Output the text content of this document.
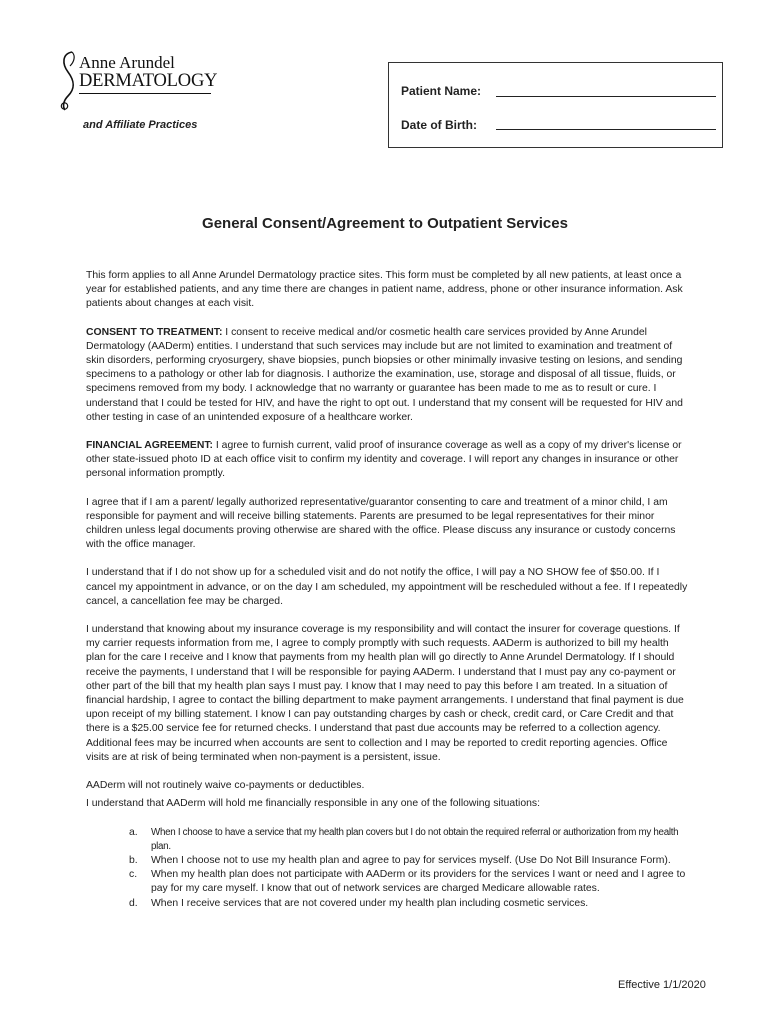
Anne Arundel
DERMATOLOGY
and Affiliate Practices
Patient Name:
Date of Birth:
General Consent/Agreement to Outpatient Services

This form applies to all Anne Arundel Dermatology practice sites. This form must be completed by all new patients, at least once a year for established patients, and any time there are changes in patient name, address, phone or other insurance information. Ask patients about changes at each visit.

CONSENT TO TREATMENT: I consent to receive medical and/or cosmetic health care services provided by Anne Arundel Dermatology (AADerm) entities. I understand that such services may include but are not limited to examination and treatment of skin disorders, performing cryosurgery, shave biopsies, punch biopsies or other minimally invasive testing on lesions, and sending specimens to a pathology or other lab for diagnosis. I authorize the examination, use, storage and disposal of all tissue, fluids, or specimens removed from my body. I acknowledge that no warranty or guarantee has been made to me as to result or cure. I understand that I could be tested for HIV, and have the right to opt out. I understand that my consent will be requested for HIV and other testing in case of an unintended exposure of a healthcare worker.

FINANCIAL AGREEMENT: I agree to furnish current, valid proof of insurance coverage as well as a copy of my driver's license or other state-issued photo ID at each office visit to confirm my identity and coverage. I will report any changes in insurance or other personal information promptly.

I agree that if I am a parent/ legally authorized representative/guarantor consenting to care and treatment of a minor child, I am responsible for payment and will receive billing statements. Parents are presumed to be legal representatives for their minor children unless legal documents proving otherwise are shared with the office. Please discuss any insurance or custody concerns with the office manager.

I understand that if I do not show up for a scheduled visit and do not notify the office, I will pay a NO SHOW fee of $50.00. If I cancel my appointment in advance, or on the day I am scheduled, my appointment will be rescheduled without a fee. If I repeatedly cancel, a cancellation fee may be charged.

I understand that knowing about my insurance coverage is my responsibility and will contact the insurer for coverage questions. If my carrier requests information from me, I agree to comply promptly with such requests. AADerm is authorized to bill my health plan for the care I receive and I know that payments from my health plan will go directly to Anne Arundel Dermatology. If I should receive the payments, I understand that I will be responsible for paying AADerm. I understand that I must pay any co-payment or other part of the bill that my health plan says I must pay. I know that I may need to pay this before I am treated. In a situation of financial hardship, I agree to contact the billing department to make payment arrangements. I understand that final payment is due upon receipt of my billing statement. I know I can pay outstanding charges by cash or check, credit card, or Care Credit and that there is a $25.00 service fee for returned checks. I understand that past due accounts may be referred to a collection agency. Additional fees may be incurred when accounts are sent to collection and I may be reported to credit reporting agencies. Office visits are at risk of being terminated when non-payment is a persistent, issue.

AADerm will not routinely waive co-payments or deductibles.

I understand that AADerm will hold me financially responsible in any one of the following situations:

a. When I choose to have a service that my health plan covers but I do not obtain the required referral or authorization from my health plan.
b. When I choose not to use my health plan and agree to pay for services myself. (Use Do Not Bill Insurance Form).
c. When my health plan does not participate with AADerm or its providers for the services I want or need and I agree to pay for my care myself. I know that out of network services are charged Medicare allowable rates.
d. When I receive services that are not covered under my health plan including cosmetic services.
Effective 1/1/2020
